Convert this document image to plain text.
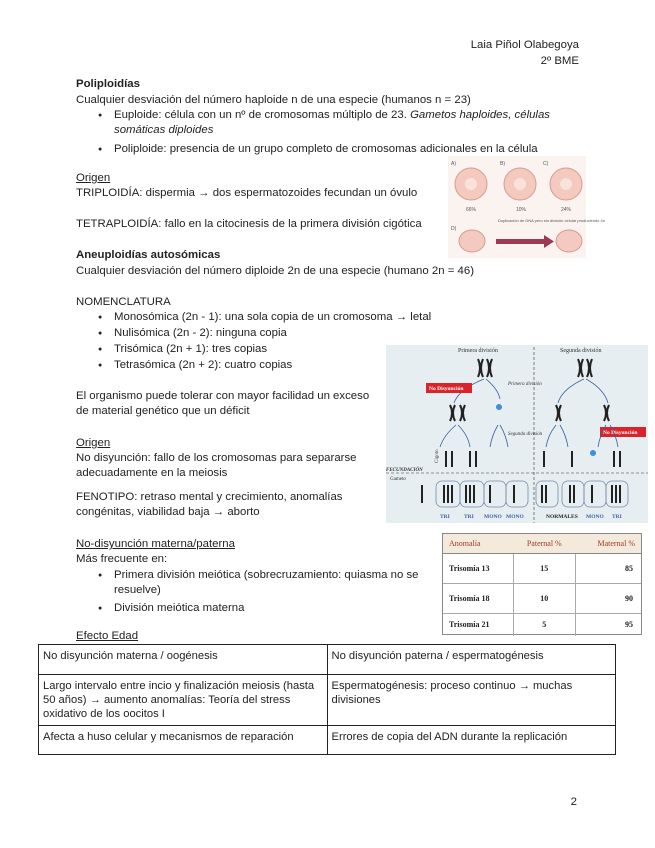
Laia Piñol Olabegoya
2º BME
Poliploidías
Cualquier desviación del número haploide n de una especie (humanos n = 23)
● Euploide: célula con un nº de cromosomas múltiplo de 23. Gametos haploides, células somáticas diploides
● Poliploide: presencia de un grupo completo de cromosomas adicionales en la célula
Origen
TRIPLOIDÍA: dispermia → dos espermatozoides fecundan un óvulo
TETRAPLOIDÍA: fallo en la citocinesis de la primera división cigótica
A)	B)	C)
D)
66%	10%	24%
Duplicación de DNA pero sin división celular produciendo 4n
Aneuploidías autosómicas
Cualquier desviación del número diploide 2n de una especie (humano 2n = 46)
NOMENCLATURA
● Monosómica (2n - 1): una sola copia de un cromosoma → letal
● Nulisómica (2n - 2): ninguna copia
● Trisómica (2n + 1): tres copias
● Tetrasómica (2n + 2): cuatro copias
El organismo puede tolerar con mayor facilidad un exceso de material genético que un déficit
Origen
No disyunción: fallo de los cromosomas para separarse adecuadamente en la meiosis
FENOTIPO: retraso mental y crecimiento, anomalías congénitas, viabilidad baja → aborto
Primera división	Segunda división
Primera división
Segunda división
FECUNDACIÓN
Gameto
Cigoto
No Disyunción
No Disyunción
TRI	TRI MONO MONO	NORMALES MONO TRI
No-disyunción materna/paterna
Más frecuente en:
● Primera división meiótica (sobrecruzamiento: quiasma no se resuelve)
● División meiótica materna
Efecto Edad
Anomalía	Paternal %	Maternal %
Trisomía 13	15	85
Trisomía 18	10	90
Trisomía 21	5	95
No disyunción materna / oogénesis	No disyunción paterna / espermatogénesis
Largo intervalo entre incio y finalización meiosis (hasta 50 años) → aumento anomalías: Teoría del stress oxidativo de los oocitos I	Espermatogénesis: proceso continuo → muchas divisiones
Afecta a huso celular y mecanismos de reparación	Errores de copia del ADN durante la replicación
2
